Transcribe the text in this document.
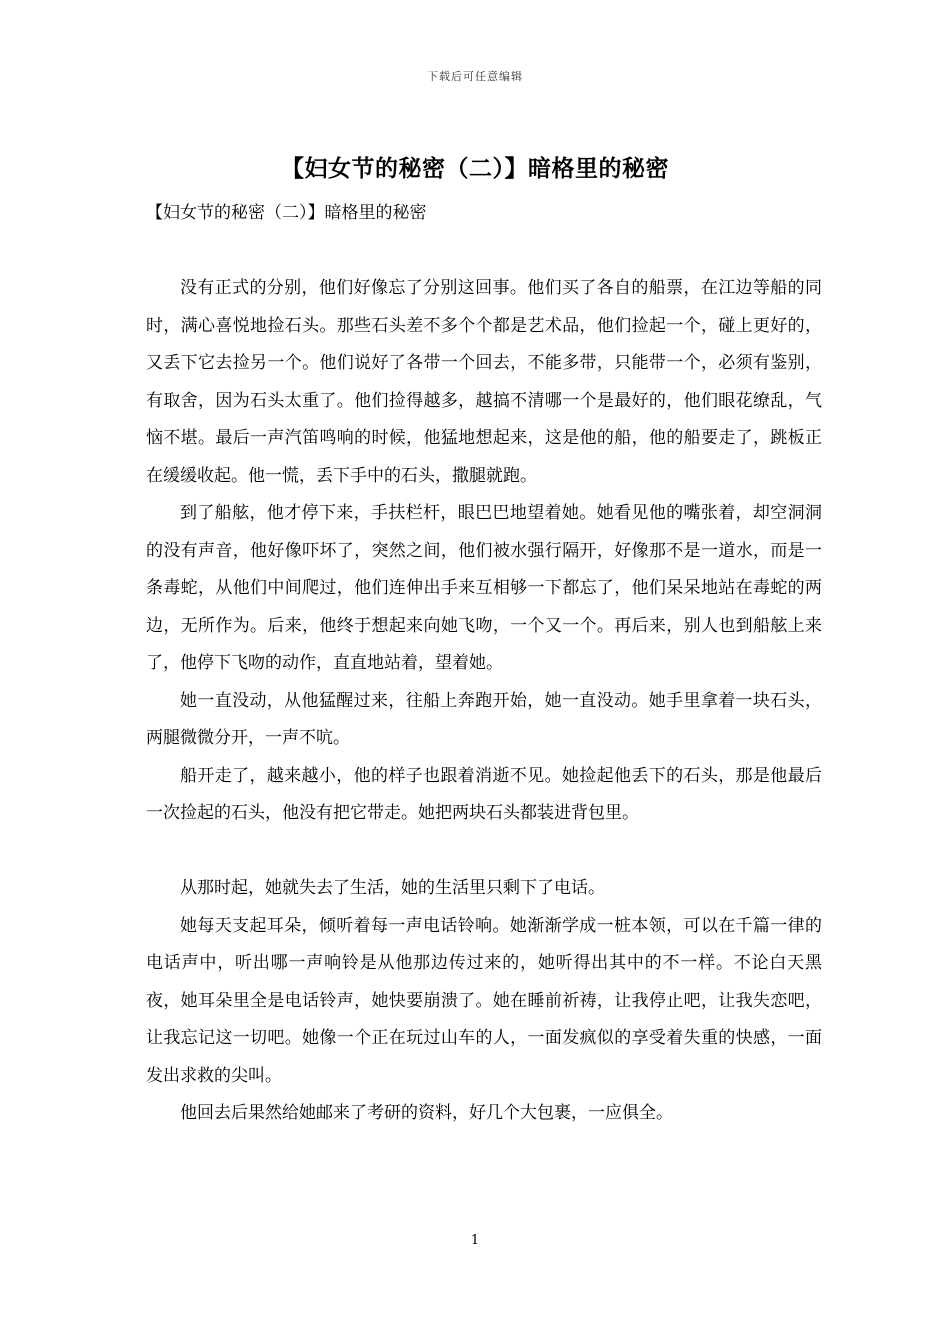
下载后可任意编辑
【妇女节的秘密（二）】暗格里的秘密
【妇女节的秘密（二）】暗格里的秘密

没有正式的分别，他们好像忘了分别这回事。他们买了各自的船票，在江边等船的同时，满心喜悦地捡石头。那些石头差不多个个都是艺术品，他们捡起一个，碰上更好的，又丢下它去捡另一个。他们说好了各带一个回去，不能多带，只能带一个，必须有鉴别，有取舍，因为石头太重了。他们捡得越多，越搞不清哪一个是最好的，他们眼花缭乱，气恼不堪。最后一声汽笛鸣响的时候，他猛地想起来，这是他的船，他的船要走了，跳板正在缓缓收起。他一慌，丢下手中的石头，撒腿就跑。

到了船舷，他才停下来，手扶栏杆，眼巴巴地望着她。她看见他的嘴张着，却空洞洞的没有声音，他好像吓坏了，突然之间，他们被水强行隔开，好像那不是一道水，而是一条毒蛇，从他们中间爬过，他们连伸出手来互相够一下都忘了，他们呆呆地站在毒蛇的两边，无所作为。后来，他终于想起来向她飞吻，一个又一个。再后来，别人也到船舷上来了，他停下飞吻的动作，直直地站着，望着她。

她一直没动，从他猛醒过来，往船上奔跑开始，她一直没动。她手里拿着一块石头，两腿微微分开，一声不吭。

船开走了，越来越小，他的样子也跟着消逝不见。她捡起他丢下的石头，那是他最后一次捡起的石头，他没有把它带走。她把两块石头都装进背包里。

从那时起，她就失去了生活，她的生活里只剩下了电话。

她每天支起耳朵，倾听着每一声电话铃响。她渐渐学成一桩本领，可以在千篇一律的电话声中，听出哪一声响铃是从他那边传过来的，她听得出其中的不一样。不论白天黑夜，她耳朵里全是电话铃声，她快要崩溃了。她在睡前祈祷，让我停止吧，让我失恋吧，让我忘记这一切吧。她像一个正在玩过山车的人，一面发疯似的享受着失重的快感，一面发出求救的尖叫。

他回去后果然给她邮来了考研的资料，好几个大包裹，一应俱全。

1
